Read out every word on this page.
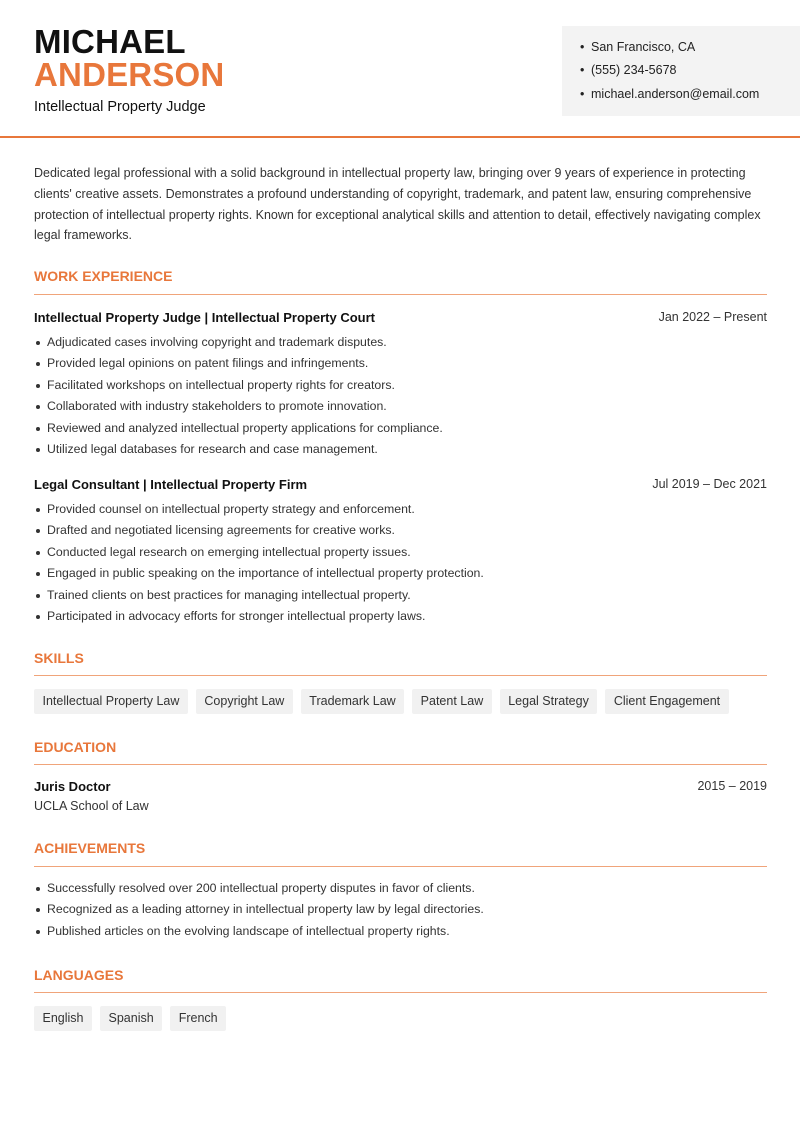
MICHAEL
ANDERSON
Intellectual Property Judge
• San Francisco, CA
• (555) 234-5678
• michael.anderson@email.com

Dedicated legal professional with a solid background in intellectual property law, bringing over 9 years of experience in protecting clients' creative assets. Demonstrates a profound understanding of copyright, trademark, and patent law, ensuring comprehensive protection of intellectual property rights. Known for exceptional analytical skills and attention to detail, effectively navigating complex legal frameworks.

WORK EXPERIENCE
Intellectual Property Judge | Intellectual Property Court	Jan 2022 – Present
Adjudicated cases involving copyright and trademark disputes.
Provided legal opinions on patent filings and infringements.
Facilitated workshops on intellectual property rights for creators.
Collaborated with industry stakeholders to promote innovation.
Reviewed and analyzed intellectual property applications for compliance.
Utilized legal databases for research and case management.
Legal Consultant | Intellectual Property Firm	Jul 2019 – Dec 2021
Provided counsel on intellectual property strategy and enforcement.
Drafted and negotiated licensing agreements for creative works.
Conducted legal research on emerging intellectual property issues.
Engaged in public speaking on the importance of intellectual property protection.
Trained clients on best practices for managing intellectual property.
Participated in advocacy efforts for stronger intellectual property laws.
SKILLS
Intellectual Property Law	Copyright Law	Trademark Law	Patent Law	Legal Strategy	Client Engagement
EDUCATION
Juris Doctor	2015 – 2019
UCLA School of Law
ACHIEVEMENTS
Successfully resolved over 200 intellectual property disputes in favor of clients.
Recognized as a leading attorney in intellectual property law by legal directories.
Published articles on the evolving landscape of intellectual property rights.
LANGUAGES
English	Spanish	French
